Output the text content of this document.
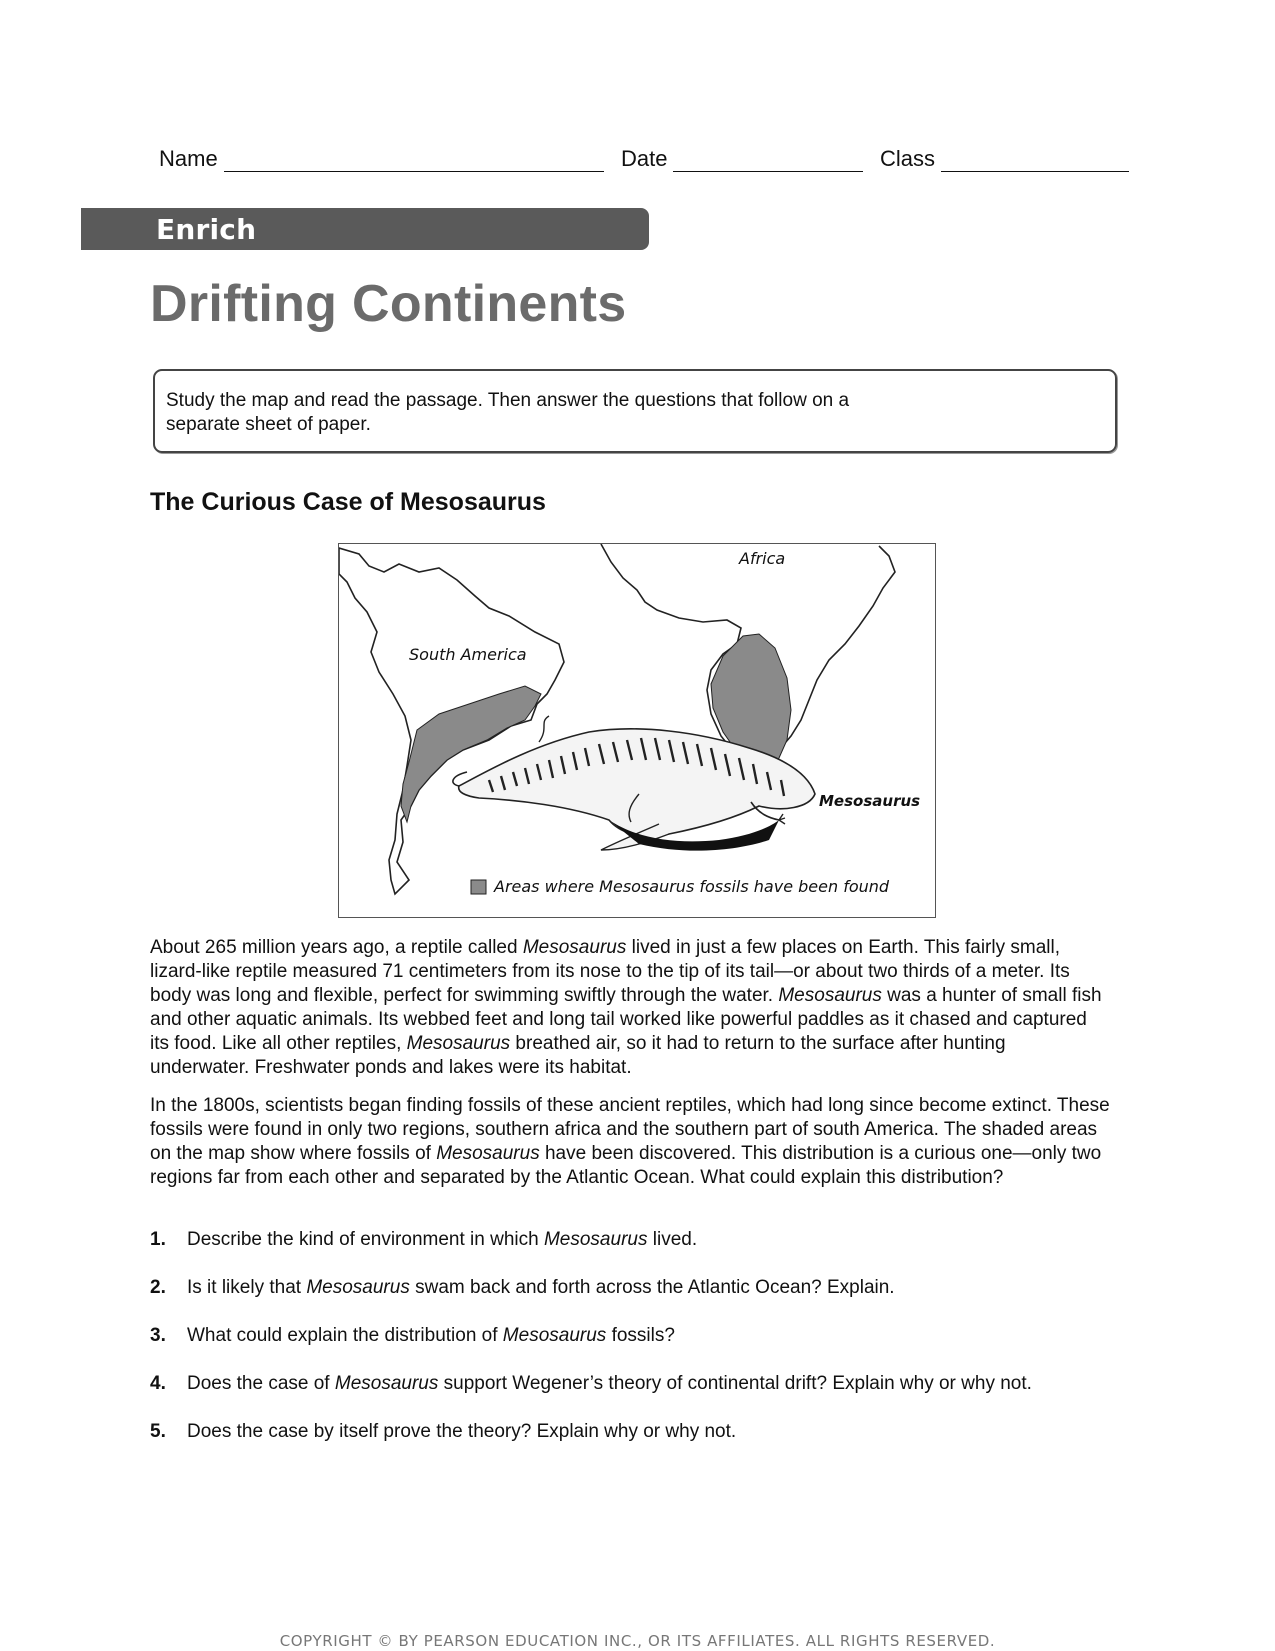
Name	Date	Class
Enrich
Drifting Continents

Study the map and read the passage. Then answer the questions that follow on a separate sheet of paper.

The Curious Case of Mesosaurus
Africa
South America
Mesosaurus
Areas where Mesosaurus fossils have been found

About 265 million years ago, a reptile called Mesosaurus lived in just a few places on Earth. This fairly small, lizard-like reptile measured 71 centimeters from its nose to the tip of its tail—or about two thirds of a meter. Its body was long and flexible, perfect for swimming swiftly through the water. Mesosaurus was a hunter of small fish and other aquatic animals. Its webbed feet and long tail worked like powerful paddles as it chased and captured its food. Like all other reptiles, Mesosaurus breathed air, so it had to return to the surface after hunting underwater. Freshwater ponds and lakes were its habitat.

In the 1800s, scientists began finding fossils of these ancient reptiles, which had long since become extinct. These fossils were found in only two regions, southern africa and the southern part of south America. The shaded areas on the map show where fossils of Mesosaurus have been discovered. This distribution is a curious one—only two regions far from each other and separated by the Atlantic Ocean. What could explain this distribution?

1. Describe the kind of environment in which Mesosaurus lived.
2. Is it likely that Mesosaurus swam back and forth across the Atlantic Ocean? Explain.
3. What could explain the distribution of Mesosaurus fossils?
4. Does the case of Mesosaurus support Wegener’s theory of continental drift? Explain why or why not.
5. Does the case by itself prove the theory? Explain why or why not.
COPYRIGHT © BY PEARSON EDUCATION INC., OR ITS AFFILIATES. ALL RIGHTS RESERVED.
